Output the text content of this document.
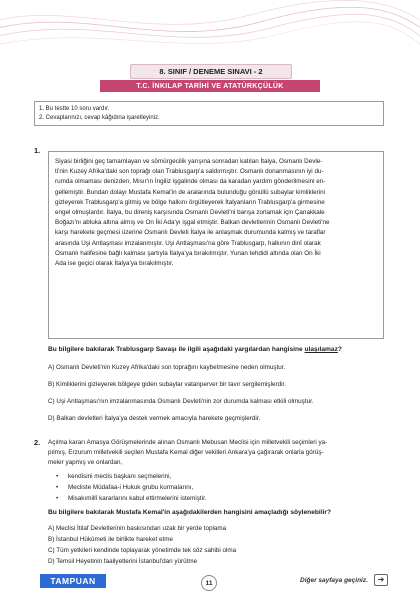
8. SINIF / DENEME SINAVI - 2
T.C. İNKILAP TARİHİ VE ATATÜRKÇÜLÜK
1. Bu testte 10 soru vardır.
2. Cevaplarınızı, cevap kâğıdına işaretleyiniz.
1.
Siyasi birliğini geç tamamlayan ve sömürgecilik yarışına sonradan katılan İtalya, Osmanlı Devle-
ti'nin Kuzey Afrika'daki son toprağı olan Trablusgarp'a saldırmıştır. Osmanlı donanmasının iyi du-
rumda olmaması denizden, Mısır'ın İngiliz işgalinde olması da karadan yardım gönderilmesini en-
gellemiştir. Bundan dolayı Mustafa Kemal'in de aralarında bulunduğu gönüllü subaylar kimliklerini
gizleyerek Trablusgarp'a gitmiş ve bölge halkını örgütleyerek İtalyanların Trablusgarp'a girmesine
engel olmuşlardır. İtalya, bu direniş karşısında Osmanlı Devleti'ni barışa zorlamak için Çanakkale
Boğazı'nı abluka altına almış ve On İki Ada'yı işgal etmiştir. Balkan devletlerinin Osmanlı Devleti'ne
karşı harekete geçmesi üzerine Osmanlı Devleti İtalya ile anlaşmak durumunda kalmış ve taraflar
arasında Uşi Antlaşması imzalanmıştır. Uşi Antlaşması'na göre Trablusgarp, halkının dinî olarak
Osmanlı halifesine bağlı kalması şartıyla İtalya'ya bırakılmıştır. Yunan tehdidi altında olan On İki
Ada ise geçici olarak İtalya'ya bırakılmıştır.
Bu bilgilere bakılarak Trablusgarp Savaşı ile ilgili aşağıdaki yargılardan hangisine ulaşılamaz?
A) Osmanlı Devleti'nin Kuzey Afrika'daki son toprağını kaybetmesine neden olmuştur.
B) Kimliklerini gizleyerek bölgeye giden subaylar vatanperver bir tavır sergilemişlerdir.
C) Uşi Antlaşması'nın imzalanmasında Osmanlı Devleti'nin zor durumda kalması etkili olmuştur.
D) Balkan devletleri İtalya'ya destek vermek amacıyla harekete geçmişlerdir.
2. Açılma kararı Amasya Görüşmelerinde alınan Osmanlı Mebusan Meclisi için milletvekili seçimleri ya-
pılmış, Erzurum milletvekili seçilen Mustafa Kemal diğer vekilleri Ankara'ya çağırarak onlarla görüş-
meler yapmış ve onlardan,
• kendisini meclis başkanı seçmelerini,
• Mecliste Müdafaa-i Hukuk grubu kurmalarını,
• Misakımillî kararlarını kabul ettirmelerini istemiştir.
Bu bilgilere bakılarak Mustafa Kemal'in aşağıdakilerden hangisini amaçladığı söylenebilir?
TAMPUAN	11	Diğer sayfaya geçiniz.	➜
A) Meclisi İtilaf Devletlerinin baskısından uzak bir yerde toplama
B) İstanbul Hükûmeti ile birlikte hareket etme
C) Tüm yetkileri kendinde toplayarak yönetimde tek söz sahibi olma
D) Temsil Heyetinin faaliyetlerini İstanbul'dan yürütme
